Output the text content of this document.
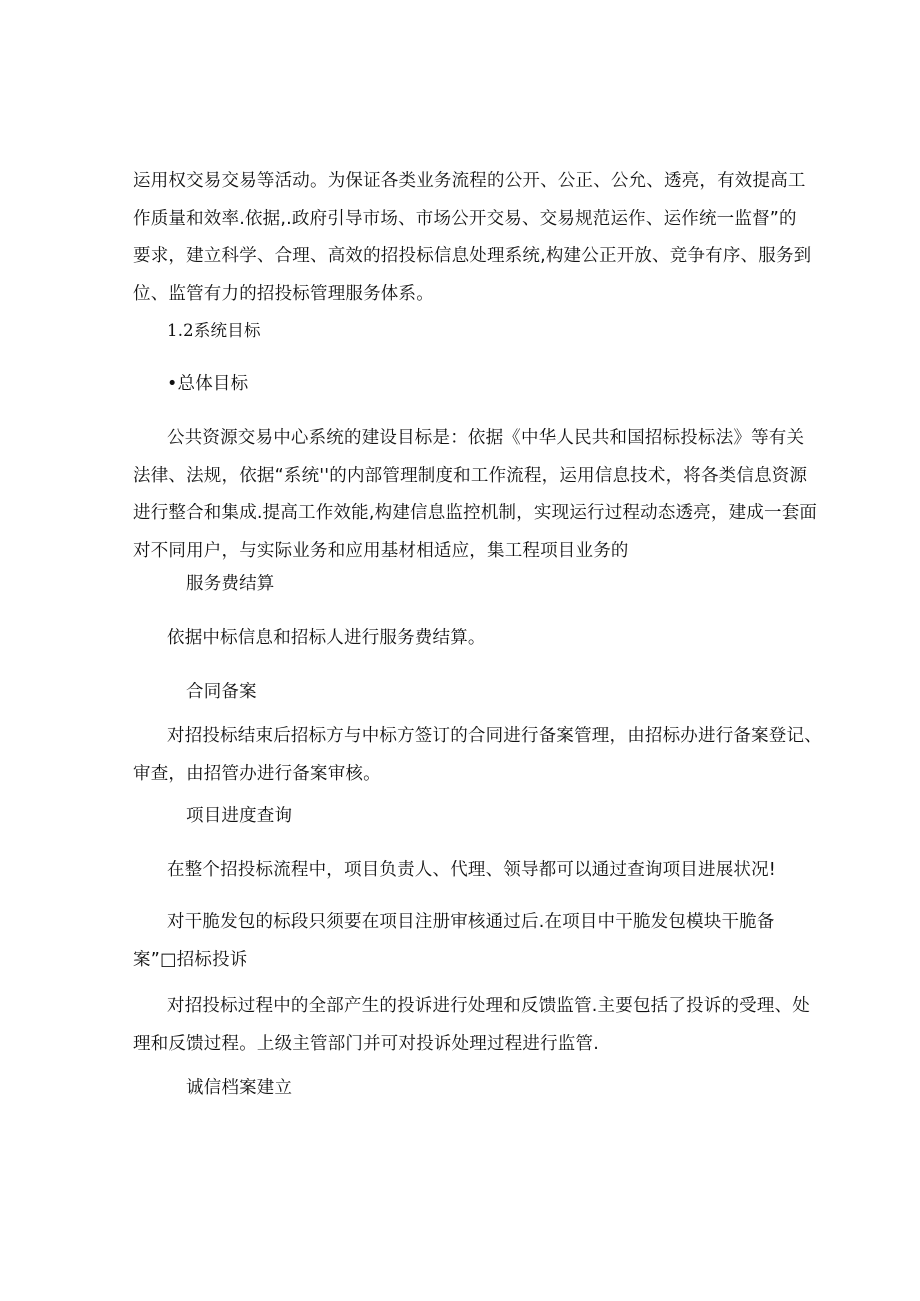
运用权交易交易等活动。为保证各类业务流程的公开、公正、公允、透亮，有效提高工
作质量和效率.依据,.政府引导市场、市场公开交易、交易规范运作、运作统一监督”的
要求，建立科学、合理、高效的招投标信息处理系统,构建公正开放、竞争有序、服务到
位、监管有力的招投标管理服务体系。
1.2系统目标
•总体目标
公共资源交易中心系统的建设目标是：依据《中华人民共和国招标投标法》等有关
法律、法规，依据“系统''的内部管理制度和工作流程，运用信息技术，将各类信息资源
进行整合和集成.提高工作效能,构建信息监控机制，实现运行过程动态透亮，建成一套面
对不同用户，与实际业务和应用基材相适应，集工程项目业务的
服务费结算
依据中标信息和招标人进行服务费结算。
合同备案
对招投标结束后招标方与中标方签订的合同进行备案管理，由招标办进行备案登记、
审查，由招管办进行备案审核。
项目进度查询
在整个招投标流程中，项目负责人、代理、领导都可以通过查询项目进展状况!
对干脆发包的标段只须要在项目注册审核通过后.在项目中干脆发包模块干脆备
案”□招标投诉
对招投标过程中的全部产生的投诉进行处理和反馈监管.主要包括了投诉的受理、处
理和反馈过程。上级主管部门并可对投诉处理过程进行监管.
诚信档案建立
